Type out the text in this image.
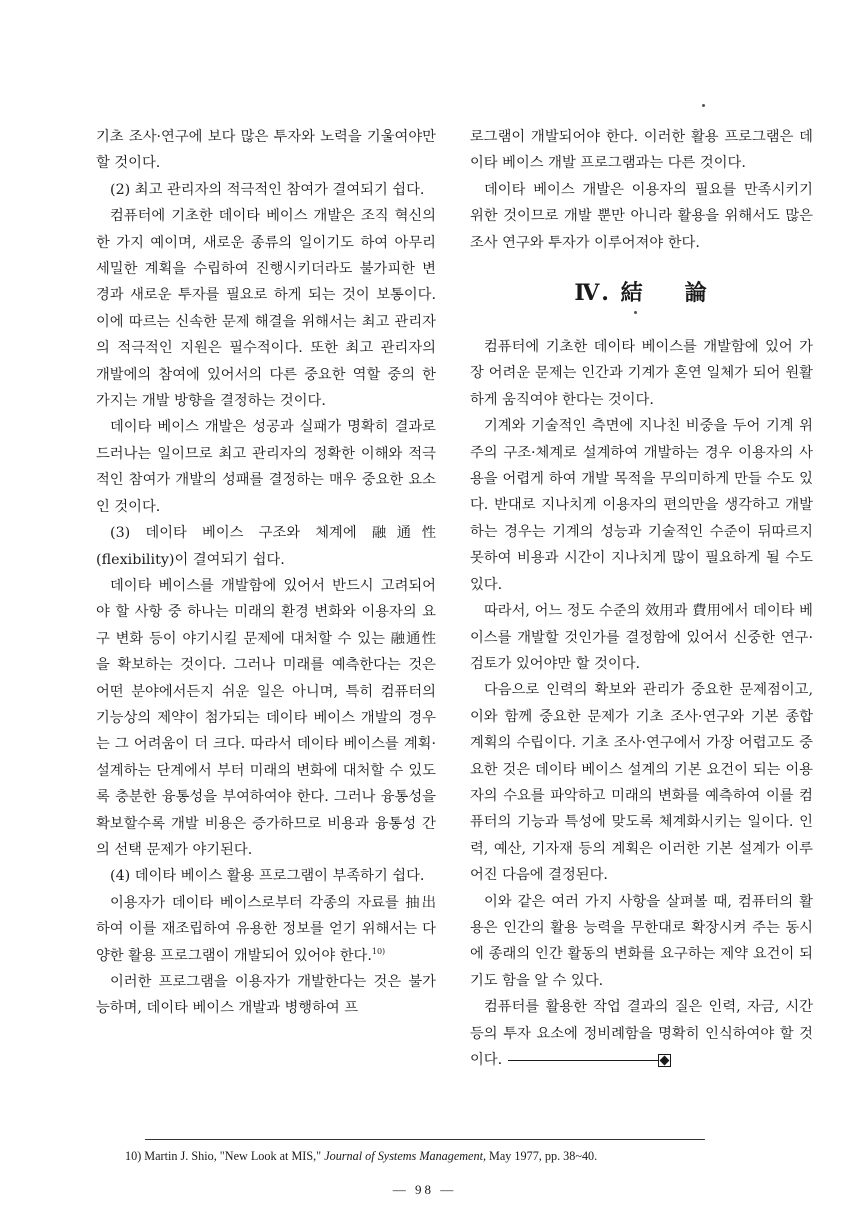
기초 조사·연구에 보다 많은 투자와 노력을 기울여야만 할 것이다.

(2) 최고 관리자의 적극적인 참여가 결여되기 쉽다.

컴퓨터에 기초한 데이타 베이스 개발은 조직 혁신의 한 가지 예이며, 새로운 종류의 일이기도 하여 아무리 세밀한 계획을 수립하여 진행시키더라도 불가피한 변경과 새로운 투자를 필요로 하게 되는 것이 보통이다. 이에 따르는 신속한 문제 해결을 위해서는 최고 관리자의 적극적인 지원은 필수적이다. 또한 최고 관리자의 개발에의 참여에 있어서의 다른 중요한 역할 중의 한 가지는 개발 방향을 결정하는 것이다.

데이타 베이스 개발은 성공과 실패가 명확히 결과로 드러나는 일이므로 최고 관리자의 정확한 이해와 적극적인 참여가 개발의 성패를 결정하는 매우 중요한 요소인 것이다.

(3) 데이타 베이스 구조와 체계에 融通性(flexibility)이 결여되기 쉽다.

데이타 베이스를 개발함에 있어서 반드시 고려되어야 할 사항 중 하나는 미래의 환경 변화와 이용자의 요구 변화 등이 야기시킬 문제에 대처할 수 있는 融通性을 확보하는 것이다. 그러나 미래를 예측한다는 것은 어떤 분야에서든지 쉬운 일은 아니며, 특히 컴퓨터의 기능상의 제약이 첨가되는 데이타 베이스 개발의 경우는 그 어려움이 더 크다. 따라서 데이타 베이스를 계획·설계하는 단계에서 부터 미래의 변화에 대처할 수 있도록 충분한 융통성을 부여하여야 한다. 그러나 융통성을 확보할수록 개발 비용은 증가하므로 비용과 융통성 간의 선택 문제가 야기된다.

(4) 데이타 베이스 활용 프로그램이 부족하기 쉽다.

이용자가 데이타 베이스로부터 각종의 자료를 抽出하여 이를 재조립하여 유용한 정보를 얻기 위해서는 다양한 활용 프로그램이 개발되어 있어야 한다.$^{10)}$

이러한 프로그램을 이용자가 개발한다는 것은 불가능하며, 데이타 베이스 개발과 병행하여 프

로그램이 개발되어야 한다. 이러한 활용 프로그램은 데이타 베이스 개발 프로그램과는 다른 것이다.

데이타 베이스 개발은 이용자의 필요를 만족시키기 위한 것이므로 개발 뿐만 아니라 활용을 위해서도 많은 조사 연구와 투자가 이루어져야 한다.

Ⅳ. 結 論

컴퓨터에 기초한 데이타 베이스를 개발함에 있어 가장 어려운 문제는 인간과 기계가 혼연 일체가 되어 원활하게 움직여야 한다는 것이다.

기계와 기술적인 측면에 지나친 비중을 두어 기계 위주의 구조·체계로 설계하여 개발하는 경우 이용자의 사용을 어렵게 하여 개발 목적을 무의미하게 만들 수도 있다. 반대로 지나치게 이용자의 편의만을 생각하고 개발하는 경우는 기계의 성능과 기술적인 수준이 뒤따르지 못하여 비용과 시간이 지나치게 많이 필요하게 될 수도 있다.

따라서, 어느 정도 수준의 效用과 費用에서 데이타 베이스를 개발할 것인가를 결정함에 있어서 신중한 연구·검토가 있어야만 할 것이다.

다음으로 인력의 확보와 관리가 중요한 문제점이고, 이와 함께 중요한 문제가 기초 조사·연구와 기본 종합 계획의 수립이다. 기초 조사·연구에서 가장 어렵고도 중요한 것은 데이타 베이스 설계의 기본 요건이 되는 이용자의 수요를 파악하고 미래의 변화를 예측하여 이를 컴퓨터의 기능과 특성에 맞도록 체계화시키는 일이다. 인력, 예산, 기자재 등의 계획은 이러한 기본 설계가 이루어진 다음에 결정된다.

이와 같은 여러 가지 사항을 살펴볼 때, 컴퓨터의 활용은 인간의 활용 능력을 무한대로 확장시켜 주는 동시에 종래의 인간 활동의 변화를 요구하는 제약 요건이 되기도 함을 알 수 있다.

컴퓨터를 활용한 작업 결과의 질은 인력, 자금, 시간 등의 투자 요소에 정비례함을 명확히 인식하여야 할 것이다.

10) Martin J. Shio, "New Look at MIS," Journal of Systems Management, May 1977, pp. 38~40.
— 98 —
